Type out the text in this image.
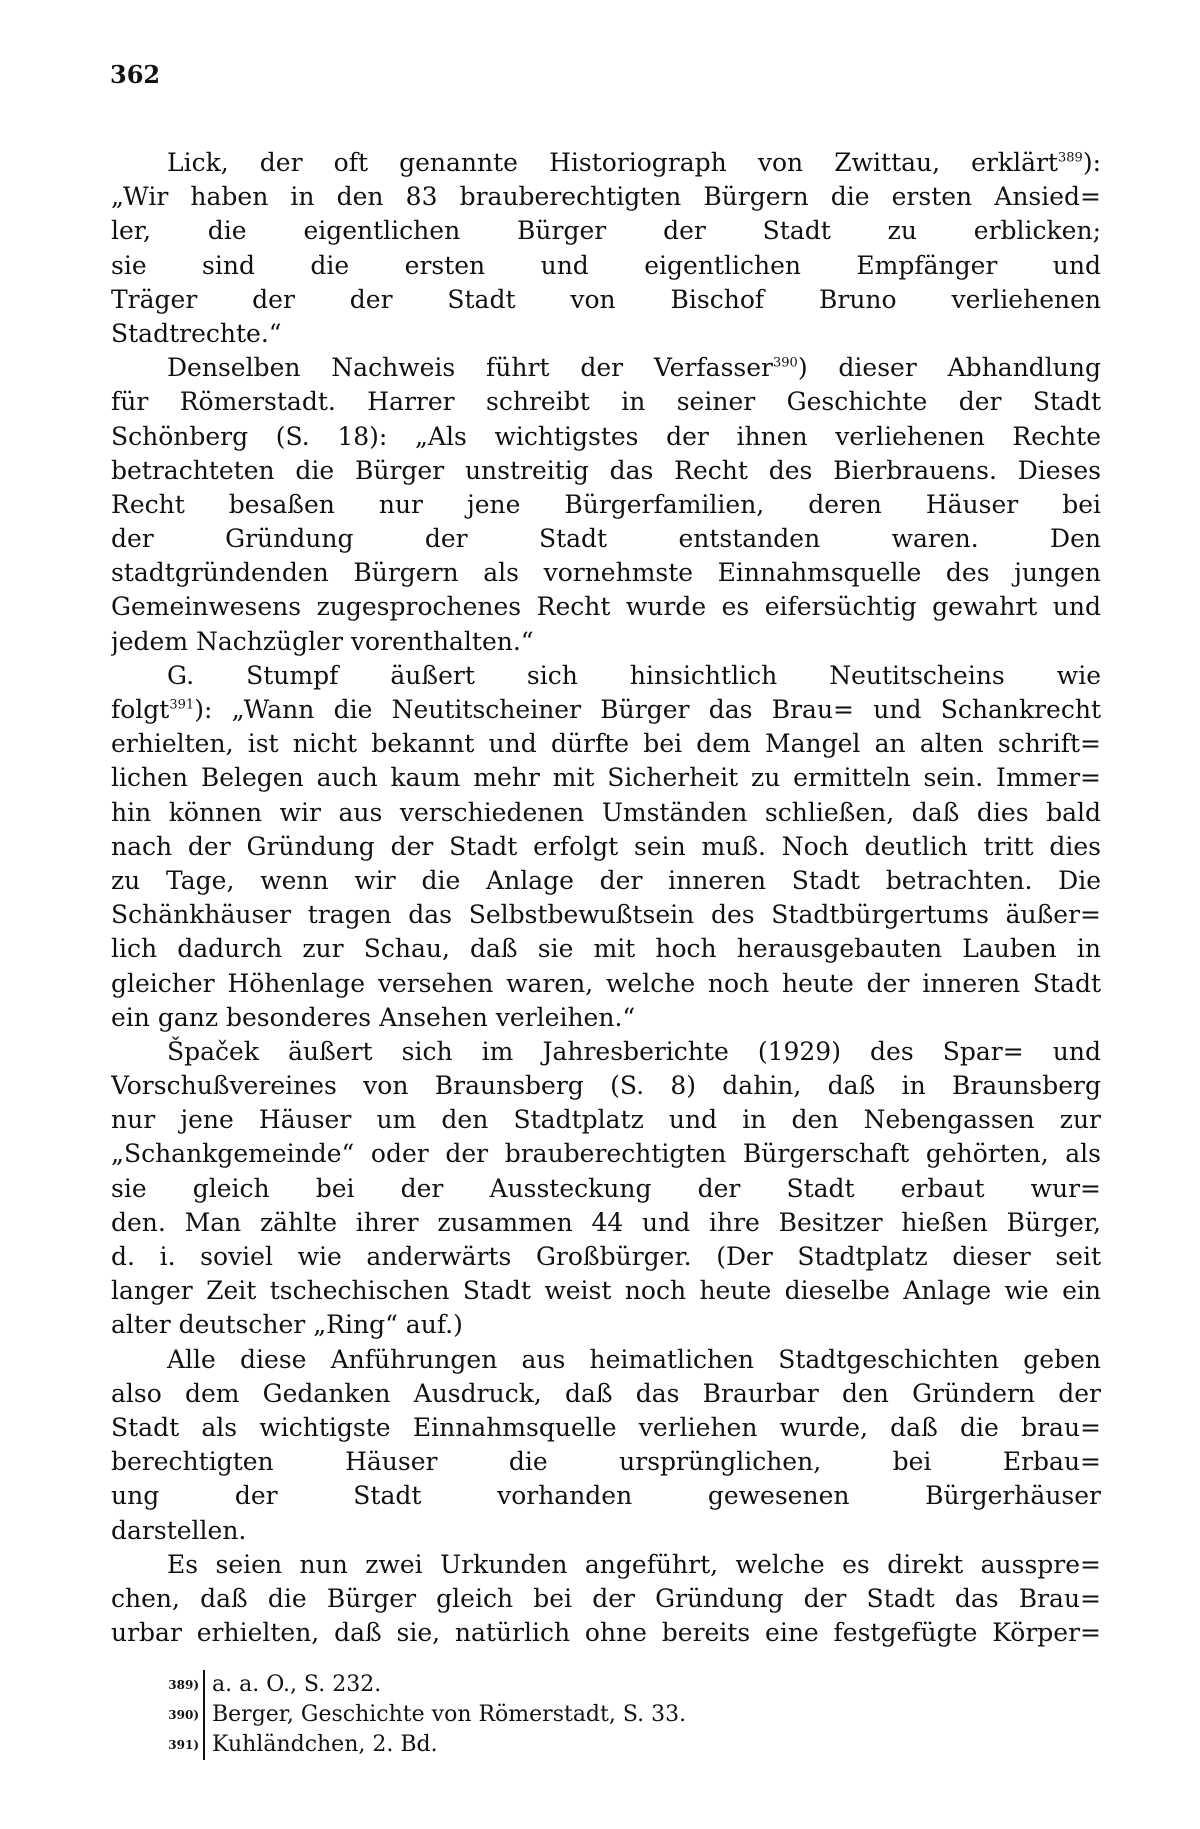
362
Lick, der oft genannte Historiograph von Zwittau, erklärt$^{389}$):
„Wir haben in den 83 brauberechtigten Bürgern die ersten Ansied=
ler, die eigentlichen Bürger der Stadt zu erblicken;
sie sind die ersten und eigentlichen Empfänger und
Träger der der Stadt von Bischof Bruno verliehenen
Stadtrechte.“
Denselben Nachweis führt der Verfasser$^{390}$) dieser Abhandlung
für Römerstadt. Harrer schreibt in seiner Geschichte der Stadt
Schönberg (S. 18): „Als wichtigstes der ihnen verliehenen Rechte
betrachteten die Bürger unstreitig das Recht des Bierbrauens. Dieses
Recht besaßen nur jene Bürgerfamilien, deren Häuser bei
der Gründung der Stadt entstanden waren. Den
stadtgründenden Bürgern als vornehmste Einnahmsquelle des jungen
Gemeinwesens zugesprochenes Recht wurde es eifersüchtig gewahrt und
jedem Nachzügler vorenthalten.“
G. Stumpf äußert sich hinsichtlich Neutitscheins wie
folgt$^{391}$): „Wann die Neutitscheiner Bürger das Brau= und Schankrecht
erhielten, ist nicht bekannt und dürfte bei dem Mangel an alten schrift=
lichen Belegen auch kaum mehr mit Sicherheit zu ermitteln sein. Immer=
hin können wir aus verschiedenen Umständen schließen, daß dies bald
nach der Gründung der Stadt erfolgt sein muß. Noch deutlich tritt dies
zu Tage, wenn wir die Anlage der inneren Stadt betrachten. Die
Schänkhäuser tragen das Selbstbewußtsein des Stadtbürgertums äußer=
lich dadurch zur Schau, daß sie mit hoch herausgebauten Lauben in
gleicher Höhenlage versehen waren, welche noch heute der inneren Stadt
ein ganz besonderes Ansehen verleihen.“
Špaček äußert sich im Jahresberichte (1929) des Spar= und
Vorschußvereines von Braunsberg (S. 8) dahin, daß in Braunsberg
nur jene Häuser um den Stadtplatz und in den Nebengassen zur
„Schankgemeinde“ oder der brauberechtigten Bürgerschaft gehörten, als
sie gleich bei der Aussteckung der Stadt erbaut wur=
den. Man zählte ihrer zusammen 44 und ihre Besitzer hießen Bürger,
d. i. soviel wie anderwärts Großbürger. (Der Stadtplatz dieser seit
langer Zeit tschechischen Stadt weist noch heute dieselbe Anlage wie ein
alter deutscher „Ring“ auf.)
Alle diese Anführungen aus heimatlichen Stadtgeschichten geben
also dem Gedanken Ausdruck, daß das Braurbar den Gründern der
Stadt als wichtigste Einnahmsquelle verliehen wurde, daß die brau=
berechtigten Häuser die ursprünglichen, bei Erbau=
ung der Stadt vorhanden gewesenen Bürgerhäuser
darstellen.
Es seien nun zwei Urkunden angeführt, welche es direkt ausspre=
chen, daß die Bürger gleich bei der Gründung der Stadt das Brau=
urbar erhielten, daß sie, natürlich ohne bereits eine festgefügte Körper=
389) a. a. O., S. 232.
390) Berger, Geschichte von Römerstadt, S. 33.
391) Kuhländchen, 2. Bd.
